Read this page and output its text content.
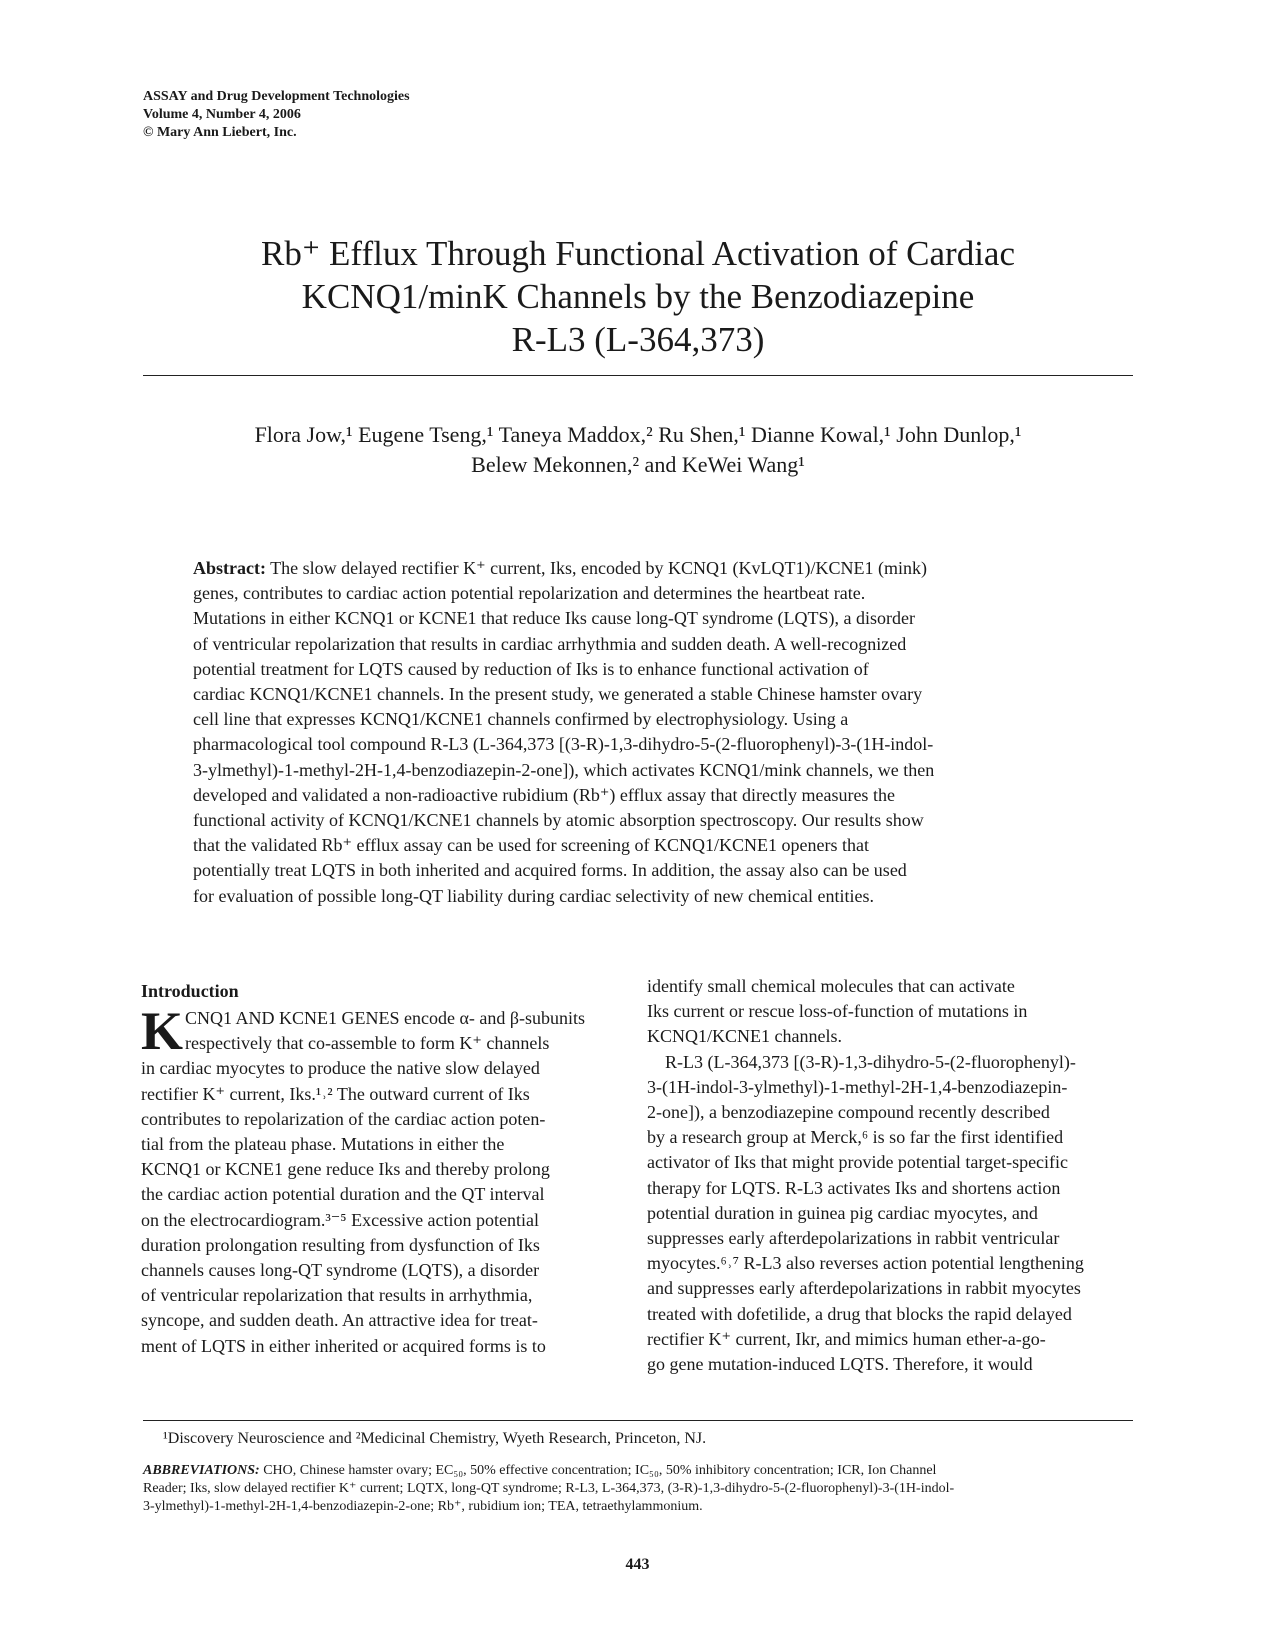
ASSAY and Drug Development Technologies
Volume 4, Number 4, 2006
© Mary Ann Liebert, Inc.
Rb⁺ Efflux Through Functional Activation of Cardiac
KCNQ1/minK Channels by the Benzodiazepine
R-L3 (L-364,373)
Flora Jow,¹ Eugene Tseng,¹ Taneya Maddox,² Ru Shen,¹ Dianne Kowal,¹ John Dunlop,¹
Belew Mekonnen,² and KeWei Wang¹
Abstract: The slow delayed rectifier K⁺ current, Iks, encoded by KCNQ1 (KvLQT1)/KCNE1 (mink)
genes, contributes to cardiac action potential repolarization and determines the heartbeat rate.
Mutations in either KCNQ1 or KCNE1 that reduce Iks cause long-QT syndrome (LQTS), a disorder
of ventricular repolarization that results in cardiac arrhythmia and sudden death. A well-recognized
potential treatment for LQTS caused by reduction of Iks is to enhance functional activation of
cardiac KCNQ1/KCNE1 channels. In the present study, we generated a stable Chinese hamster ovary
cell line that expresses KCNQ1/KCNE1 channels confirmed by electrophysiology. Using a
pharmacological tool compound R-L3 (L-364,373 [(3-R)-1,3-dihydro-5-(2-fluorophenyl)-3-(1H-indol-
3-ylmethyl)-1-methyl-2H-1,4-benzodiazepin-2-one]), which activates KCNQ1/mink channels, we then
developed and validated a non-radioactive rubidium (Rb⁺) efflux assay that directly measures the
functional activity of KCNQ1/KCNE1 channels by atomic absorption spectroscopy. Our results show
that the validated Rb⁺ efflux assay can be used for screening of KCNQ1/KCNE1 openers that
potentially treat LQTS in both inherited and acquired forms. In addition, the assay also can be used
for evaluation of possible long-QT liability during cardiac selectivity of new chemical entities.
Introduction
K CNQ1 AND KCNE1 GENES encode α- and β-subunits
respectively that co-assemble to form K⁺ channels
in cardiac myocytes to produce the native slow delayed
rectifier K⁺ current, Iks.¹˒² The outward current of Iks
contributes to repolarization of the cardiac action poten-
tial from the plateau phase. Mutations in either the
KCNQ1 or KCNE1 gene reduce Iks and thereby prolong
the cardiac action potential duration and the QT interval
on the electrocardiogram.³⁻⁵ Excessive action potential
duration prolongation resulting from dysfunction of Iks
channels causes long-QT syndrome (LQTS), a disorder
of ventricular repolarization that results in arrhythmia,
syncope, and sudden death. An attractive idea for treat-
ment of LQTS in either inherited or acquired forms is to
identify small chemical molecules that can activate
Iks current or rescue loss-of-function of mutations in
KCNQ1/KCNE1 channels.
R-L3 (L-364,373 [(3-R)-1,3-dihydro-5-(2-fluorophenyl)-
3-(1H-indol-3-ylmethyl)-1-methyl-2H-1,4-benzodiazepin-
2-one]), a benzodiazepine compound recently described
by a research group at Merck,⁶ is so far the first identified
activator of Iks that might provide potential target-specific
therapy for LQTS. R-L3 activates Iks and shortens action
potential duration in guinea pig cardiac myocytes, and
suppresses early afterdepolarizations in rabbit ventricular
myocytes.⁶˒⁷ R-L3 also reverses action potential lengthening
and suppresses early afterdepolarizations in rabbit myocytes
treated with dofetilide, a drug that blocks the rapid delayed
rectifier K⁺ current, Ikr, and mimics human ether-a-go-
go gene mutation-induced LQTS. Therefore, it would
¹Discovery Neuroscience and ²Medicinal Chemistry, Wyeth Research, Princeton, NJ.
ABBREVIATIONS: CHO, Chinese hamster ovary; EC₅₀, 50% effective concentration; IC₅₀, 50% inhibitory concentration; ICR, Ion Channel
Reader; Iks, slow delayed rectifier K⁺ current; LQTX, long-QT syndrome; R-L3, L-364,373, (3-R)-1,3-dihydro-5-(2-fluorophenyl)-3-(1H-indol-
3-ylmethyl)-1-methyl-2H-1,4-benzodiazepin-2-one; Rb⁺, rubidium ion; TEA, tetraethylammonium.
443
